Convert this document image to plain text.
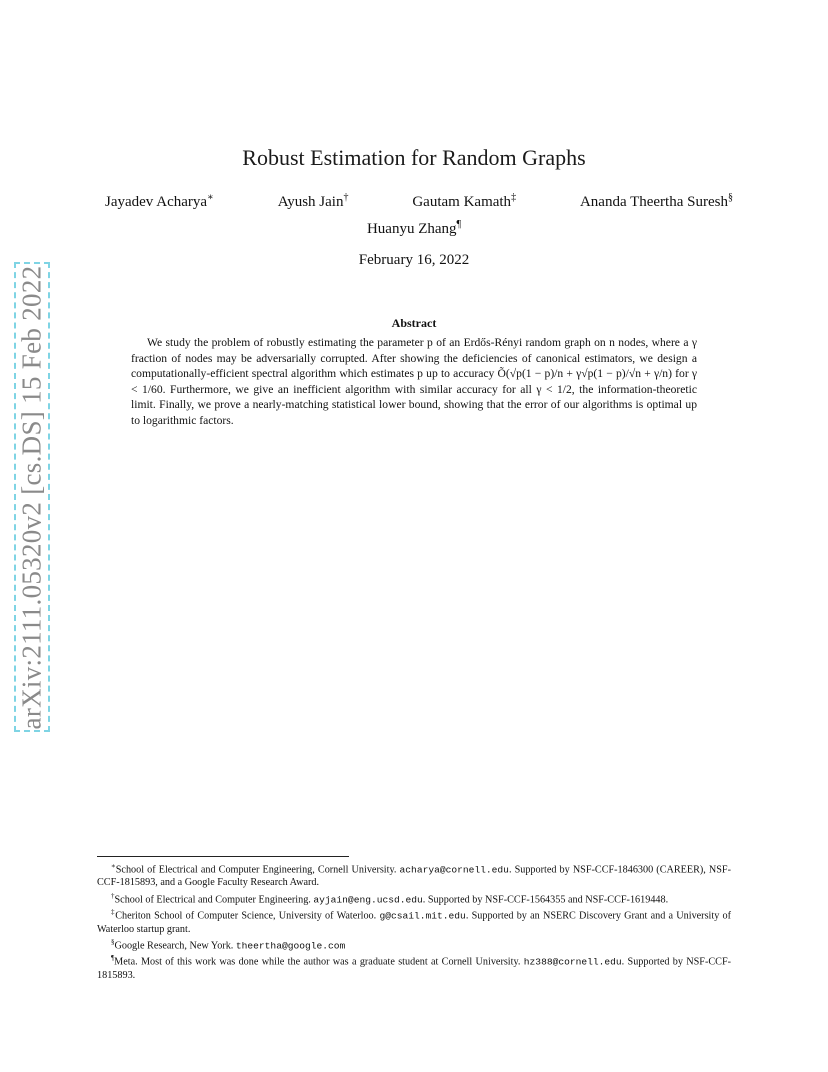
arXiv:2111.05320v2 [cs.DS] 15 Feb 2022
Robust Estimation for Random Graphs
Jayadev Acharya∗	Ayush Jain†	Gautam Kamath‡	Ananda Theertha Suresh§
Huanyu Zhang¶
February 16, 2022
Abstract
We study the problem of robustly estimating the parameter p of an Erdős-Rényi random graph on n nodes, where a γ fraction of nodes may be adversarially corrupted. After showing the deficiencies of canonical estimators, we design a computationally-efficient spectral algorithm which estimates p up to accuracy Õ(√p(1 − p)/n + γ√p(1 − p)/√n + γ/n) for γ < 1/60. Furthermore, we give an inefficient algorithm with similar accuracy for all γ < 1/2, the information-theoretic limit. Finally, we prove a nearly-matching statistical lower bound, showing that the error of our algorithms is optimal up to logarithmic factors.

∗School of Electrical and Computer Engineering, Cornell University. acharya@cornell.edu. Supported by NSF-CCF-1846300 (CAREER), NSF-CCF-1815893, and a Google Faculty Research Award.

†School of Electrical and Computer Engineering. ayjain@eng.ucsd.edu. Supported by NSF-CCF-1564355 and NSF-CCF-1619448.

‡Cheriton School of Computer Science, University of Waterloo. g@csail.mit.edu. Supported by an NSERC Discovery Grant and a University of Waterloo startup grant.

§Google Research, New York. theertha@google.com

¶Meta. Most of this work was done while the author was a graduate student at Cornell University. hz388@cornell.edu. Supported by NSF-CCF-1815893.
